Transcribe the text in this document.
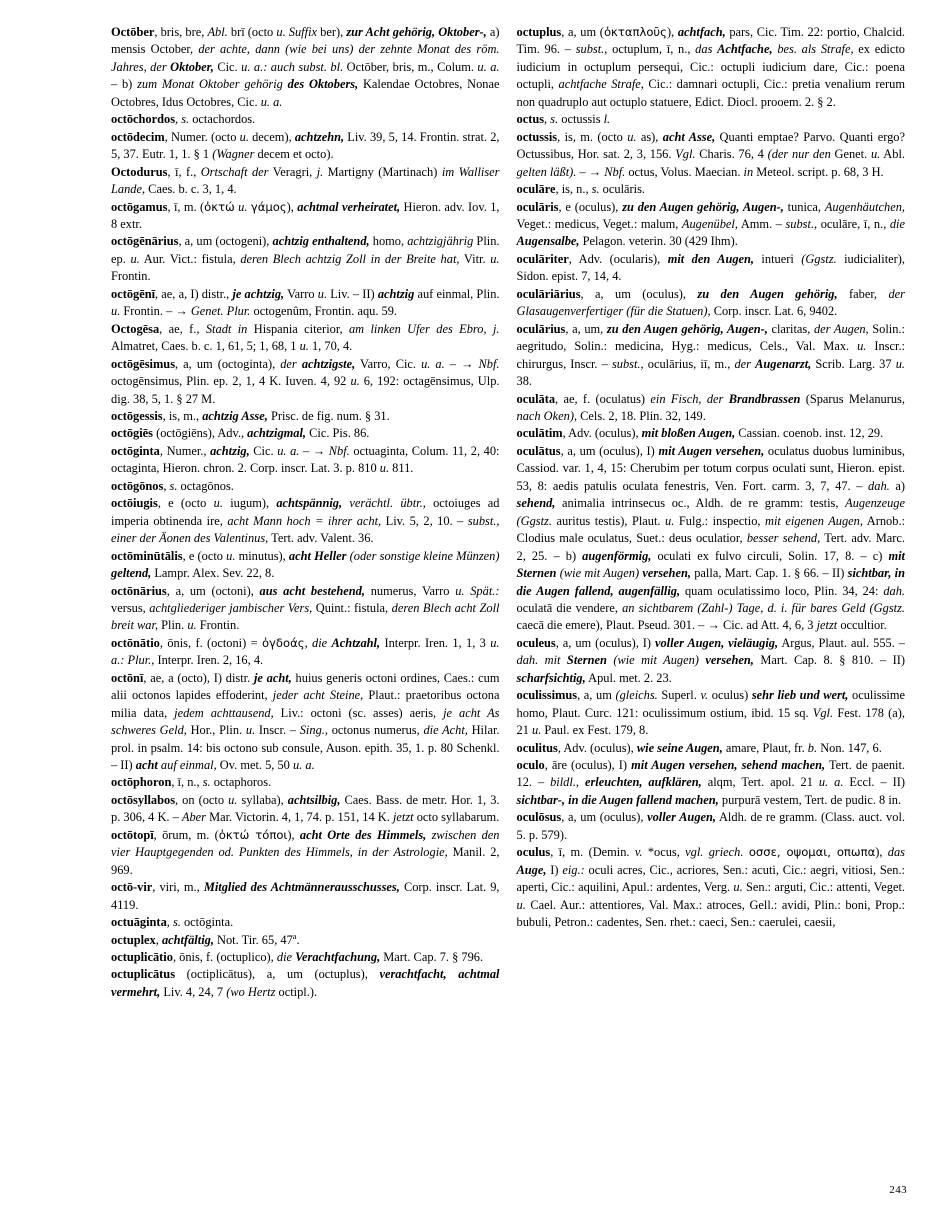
Octōber, bris, bre, Abl. brī (octo u. Suffix ber), zur Acht gehörig, Oktober-, a) mensis October, der achte, dann (wie bei uns) der zehnte Monat des röm. Jahres, der Oktober, Cic. u. a.: auch subst. bl. Octōber, bris, m., Colum. u. a. – b) zum Monat Oktober gehörig des Oktobers, Kalendae Octobres, Nonae Octobres, Idus Octobres, Cic. u. a.

octōchordos, s. octachordos.

octōdecim, Numer. (octo u. decem), achtzehn, Liv. 39, 5, 14. Frontin. strat. 2, 5, 37. Eutr. 1, 1. § 1 (Wagner decem et octo).

Octodurus, ī, f., Ortschaft der Veragri, j. Martigny (Martinach) im Walliser Lande, Caes. b. c. 3, 1, 4.

octōgamus, ī, m. (ὀκτώ u. γάμος), achtmal verheiratet, Hieron. adv. Iov. 1, 8 extr.

octōgēnārius, a, um (octogeni), achtzig enthaltend, homo, achtzigjährig Plin. ep. u. Aur. Vict.: fistula, deren Blech achtzig Zoll in der Breite hat, Vitr. u. Frontin.

octōgēnī, ae, a, I) distr., je achtzig, Varro u. Liv. – II) achtzig auf einmal, Plin. u. Frontin. – → Genet. Plur. octogenûm, Frontin. aqu. 59.

Octogēsa, ae, f., Stadt in Hispania citerior, am linken Ufer des Ebro, j. Almatret, Caes. b. c. 1, 61, 5; 1, 68, 1 u. 1, 70, 4.

octōgēsimus, a, um (octoginta), der achtzigste, Varro, Cic. u. a. – → Nbf. octogēnsimus, Plin. ep. 2, 1, 4 K. Iuven. 4, 92 u. 6, 192: octagēnsimus, Ulp. dig. 38, 5, 1. § 27 M.

octōgessis, is, m., achtzig Asse, Prisc. de fig. num. § 31.

octōgiēs (octōgiēns), Adv., achtzigmal, Cic. Pis. 86.

octōginta, Numer., achtzig, Cic. u. a. – → Nbf. octuaginta, Colum. 11, 2, 40: octaginta, Hieron. chron. 2. Corp. inscr. Lat. 3. p. 810 u. 811.

octōgōnos, s. octagōnos.

octōiugis, e (octo u. iugum), achtspännig, verächtl. übtr., octoiuges ad imperia obtinenda ire, acht Mann hoch = ihrer acht, Liv. 5, 2, 10. – subst., einer der Äonen des Valentinus, Tert. adv. Valent. 36.

octōminūtālis, e (octo u. minutus), acht Heller (oder sonstige kleine Münzen) geltend, Lampr. Alex. Sev. 22, 8.

octōnārius, a, um (octoni), aus acht bestehend, numerus, Varro u. Spät.: versus, achtgliederiger jambischer Vers, Quint.: fistula, deren Blech acht Zoll breit war, Plin. u. Frontin.

octōnātio, ōnis, f. (octoni) = ὀγδοάς, die Achtzahl, Interpr. Iren. 1, 1, 3 u. a.: Plur., Interpr. Iren. 2, 16, 4.

octōnī, ae, a (octo), I) distr. je acht, huius generis octoni ordines, Caes.: cum alii octonos lapides effoderint, jeder acht Steine, Plaut.: praetoribus octona milia data, jedem achttausend, Liv.: octoni (sc. asses) aeris, je acht As schweres Geld, Hor., Plin. u. Inscr. – Sing., octonus numerus, die Acht, Hilar. prol. in psalm. 14: bis octono sub consule, Auson. epith. 35, 1. p. 80 Schenkl. – II) acht auf einmal, Ov. met. 5, 50 u. a.

octōphoron, ī, n., s. octaphoros.

octōsyllabos, on (octo u. syllaba), achtsilbig, Caes. Bass. de metr. Hor. 1, 3. p. 306, 4 K. – Aber Mar. Victorin. 4, 1, 74. p. 151, 14 K. jetzt octo syllabarum.

octōtopī, ōrum, m. (ὀκτώ τόποι), acht Orte des Himmels, zwischen den vier Hauptgegenden od. Punkten des Himmels, in der Astrologie, Manil. 2, 969.

octō-vir, viri, m., Mitglied des Achtmännerausschusses, Corp. inscr. Lat. 9, 4119.

octuāginta, s. octōginta.

octuplex, achtfältig, Not. Tir. 65, 47$^a$.

octuplicātio, ōnis, f. (octuplico), die Verachtfachung, Mart. Cap. 7. § 796.

octuplicātus (octiplicātus), a, um (octuplus), verachtfacht, achtmal vermehrt, Liv. 4, 24, 7 (wo Hertz octipl.).

octuplus, a, um (ὀκταπλοῦς), achtfach, pars, Cic. Tim. 22: portio, Chalcid. Tim. 96. – subst., octuplum, ī, n., das Achtfache, bes. als Strafe, ex edicto iudicium in octuplum persequi, Cic.: octupli iudicium dare, Cic.: poena octupli, achtfache Strafe, Cic.: damnari octupli, Cic.: pretia venalium rerum non quadruplo aut octuplo statuere, Edict. Diocl. prooem. 2. § 2.

octus, s. octussis l.

octussis, is, m. (octo u. as), acht Asse, Quanti emptae? Parvo. Quanti ergo? Octussibus, Hor. sat. 2, 3, 156. Vgl. Charis. 76, 4 (der nur den Genet. u. Abl. gelten läßt). – → Nbf. octus, Volus. Maecian. in Meteol. script. p. 68, 3 H.

oculāre, is, n., s. oculāris.

oculāris, e (oculus), zu den Augen gehörig, Augen-, tunica, Augenhäutchen, Veget.: medicus, Veget.: malum, Augenübel, Amm. – subst., oculāre, ī, n., die Augensalbe, Pelagon. veterin. 30 (429 Ihm).

oculāriter, Adv. (ocularis), mit den Augen, intueri (Ggstz. iudicialiter), Sidon. epist. 7, 14, 4.

oculāriārius, a, um (oculus), zu den Augen gehörig, faber, der Glasaugenverfertiger (für die Statuen), Corp. inscr. Lat. 6, 9402.

oculārius, a, um, zu den Augen gehörig, Augen-, claritas, der Augen, Solin.: aegritudo, Solin.: medicina, Hyg.: medicus, Cels., Val. Max. u. Inscr.: chirurgus, Inscr. – subst., oculārius, iī, m., der Augenarzt, Scrib. Larg. 37 u. 38.

oculāta, ae, f. (oculatus) ein Fisch, der Brandbrassen (Sparus Melanurus, nach Oken), Cels. 2, 18. Plin. 32, 149.

oculātim, Adv. (oculus), mit bloßen Augen, Cassian. coenob. inst. 12, 29.

oculātus, a, um (oculus), I) mit Augen versehen, oculatus duobus luminibus, Cassiod. var. 1, 4, 15: Cherubim per totum corpus oculati sunt, Hieron. epist. 53, 8: aedis patulis oculata fenestris, Ven. Fort. carm. 3, 7, 47. – dah. a) sehend, animalia intrinsecus oc., Aldh. de re gramm: testis, Augenzeuge (Ggstz. auritus testis), Plaut. u. Fulg.: inspectio, mit eigenen Augen, Arnob.: Clodius male oculatus, Suet.: deus oculatior, besser sehend, Tert. adv. Marc. 2, 25. – b) augenförmig, oculati ex fulvo circuli, Solin. 17, 8. – c) mit Sternen (wie mit Augen) versehen, palla, Mart. Cap. 1. § 66. – II) sichtbar, in die Augen fallend, augenfällig, quam oculatissimo loco, Plin. 34, 24: dah. oculatā die vendere, an sichtbarem (Zahl-) Tage, d. i. für bares Geld (Ggstz. caecā die emere), Plaut. Pseud. 301. – → Cic. ad Att. 4, 6, 3 jetzt occultior.

oculeus, a, um (oculus), I) voller Augen, vieläugig, Argus, Plaut. aul. 555. – dah. mit Sternen (wie mit Augen) versehen, Mart. Cap. 8. § 810. – II) scharfsichtig, Apul. met. 2. 23.

oculissimus, a, um (gleichs. Superl. v. oculus) sehr lieb und wert, oculissime homo, Plaut. Curc. 121: oculissimum ostium, ibid. 15 sq. Vgl. Fest. 178 (a), 21 u. Paul. ex Fest. 179, 8.

oculitus, Adv. (oculus), wie seine Augen, amare, Plaut, fr. b. Non. 147, 6.

oculo, āre (oculus), I) mit Augen versehen, sehend machen, Tert. de paenit. 12. – bildl., erleuchten, aufklären, alqm, Tert. apol. 21 u. a. Eccl. – II) sichtbar-, in die Augen fallend machen, purpurā vestem, Tert. de pudic. 8 in.

oculōsus, a, um (oculus), voller Augen, Aldh. de re gramm. (Class. auct. vol. 5. p. 579).

oculus, ī, m. (Demin. v. *ocus, vgl. griech. οσσε, οψομαι, οπωπα), das Auge, I) eig.: oculi acres, Cic., acriores, Sen.: acuti, Cic.: aegri, vitiosi, Sen.: aperti, Cic.: aquilini, Apul.: ardentes, Verg. u. Sen.: arguti, Cic.: attenti, Veget. u. Cael. Aur.: attentiores, Val. Max.: atroces, Gell.: avidi, Plin.: boni, Prop.: bubuli, Petron.: cadentes, Sen. rhet.: caeci, Sen.: caerulei, caesii,

243
